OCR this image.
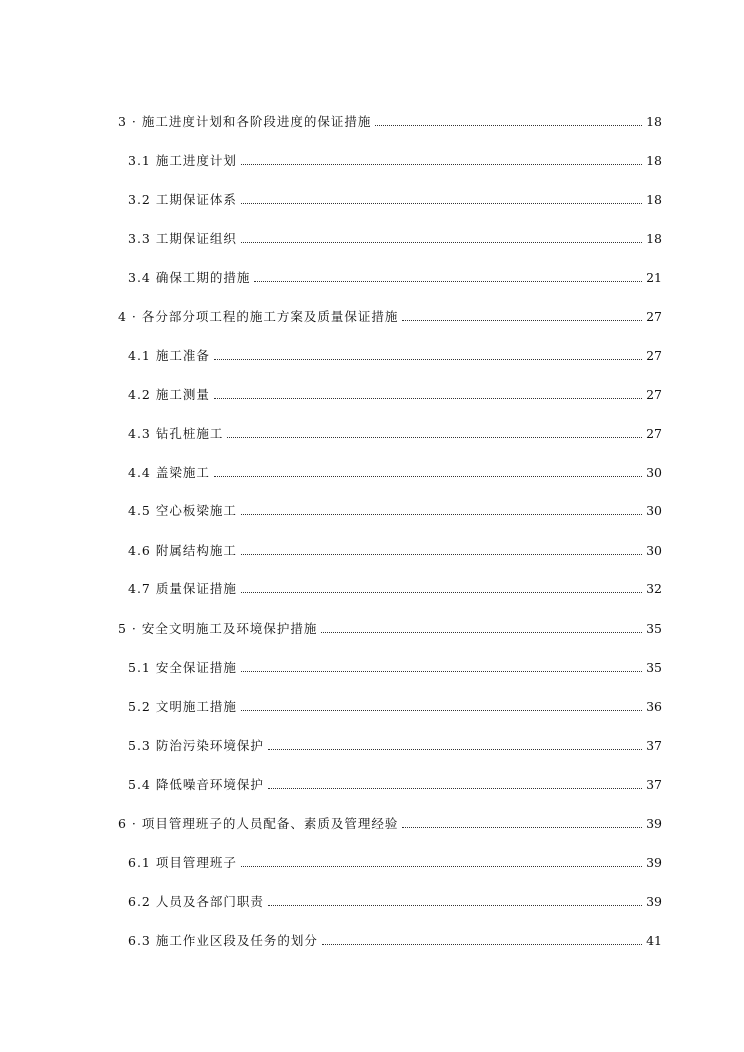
3 · 施工进度计划和各阶段进度的保证措施	18
3.1 施工进度计划	18
3.2 工期保证体系	18
3.3 工期保证组织	18
3.4 确保工期的措施	21
4 · 各分部分项工程的施工方案及质量保证措施	27
4.1 施工准备	27
4.2 施工测量	27
4.3 钻孔桩施工	27
4.4 盖梁施工	30
4.5 空心板梁施工	30
4.6 附属结构施工	30
4.7 质量保证措施	32
5 · 安全文明施工及环境保护措施	35
5.1 安全保证措施	35
5.2 文明施工措施	36
5.3 防治污染环境保护	37
5.4 降低噪音环境保护	37
6 · 项目管理班子的人员配备、素质及管理经验	39
6.1 项目管理班子	39
6.2 人员及各部门职责	39
6.3 施工作业区段及任务的划分	41
